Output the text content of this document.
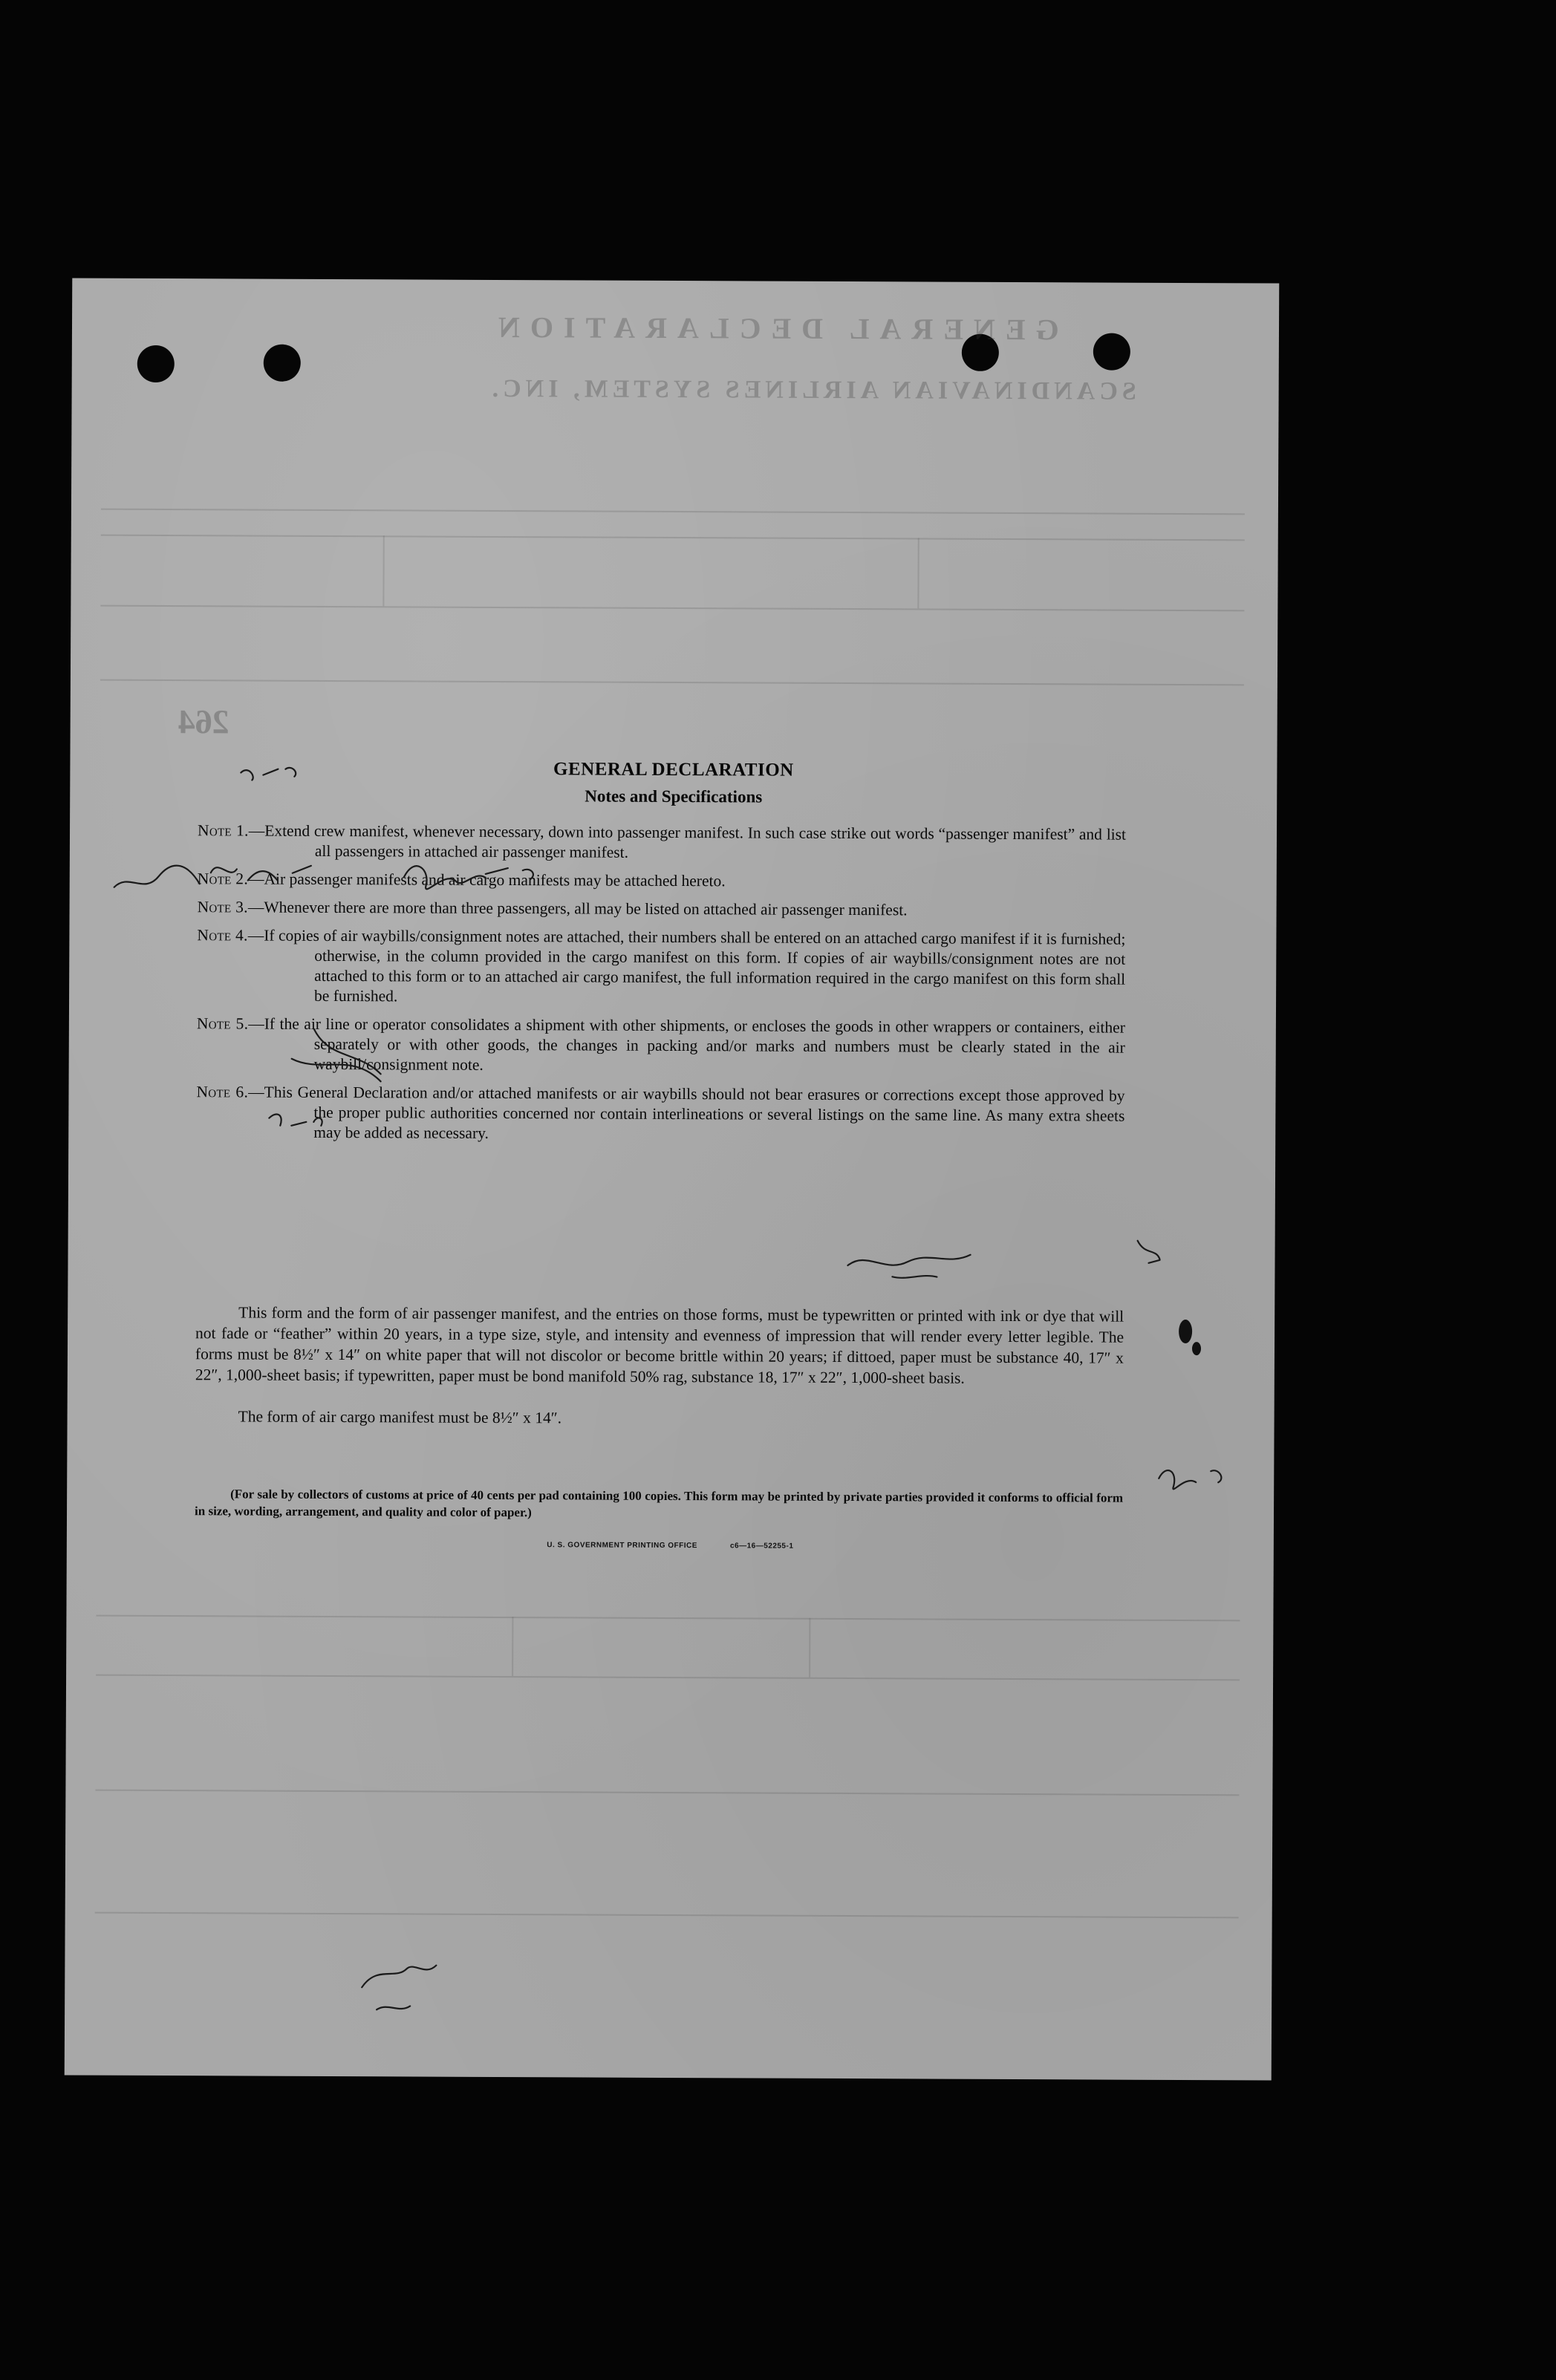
GENERAL DECLARATION
SCANDINAVIAN AIRLINES SYSTEM, INC.
264
GENERAL DECLARATION
Notes and Specifications
Note 1.—Extend crew manifest, whenever necessary, down into passenger manifest. In such case strike out words “passenger manifest” and list all passengers in attached air passenger manifest.
Note 2.—Air passenger manifests and air cargo manifests may be attached hereto.
Note 3.—Whenever there are more than three passengers, all may be listed on attached air passenger manifest.
Note 4.—If copies of air waybills/consignment notes are attached, their numbers shall be entered on an attached cargo manifest if it is furnished; otherwise, in the column provided in the cargo manifest on this form. If copies of air waybills/consignment notes are not attached to this form or to an attached air cargo manifest, the full information required in the cargo manifest on this form shall be furnished.
Note 5.—If the air line or operator consolidates a shipment with other shipments, or encloses the goods in other wrappers or containers, either separately or with other goods, the changes in packing and/or marks and numbers must be clearly stated in the air waybill/consignment note.
Note 6.—This General Declaration and/or attached manifests or air waybills should not bear erasures or corrections except those approved by the proper public authorities concerned nor contain interlineations or several listings on the same line. As many extra sheets may be added as necessary.
This form and the form of air passenger manifest, and the entries on those forms, must be typewritten or printed with ink or dye that will not fade or “feather” within 20 years, in a type size, style, and intensity and evenness of impression that will render every letter legible. The forms must be 8½″ x 14″ on white paper that will not discolor or become brittle within 20 years; if dittoed, paper must be substance 40, 17″ x 22″, 1,000-sheet basis; if typewritten, paper must be bond manifold 50% rag, substance 18, 17″ x 22″, 1,000-sheet basis.
The form of air cargo manifest must be 8½″ x 14″.
(For sale by collectors of customs at price of 40 cents per pad containing 100 copies. This form may be printed by private parties provided it conforms to official form in size, wording, arrangement, and quality and color of paper.)
U. S. GOVERNMENT PRINTING OFFICE	c6—16—52255-1
